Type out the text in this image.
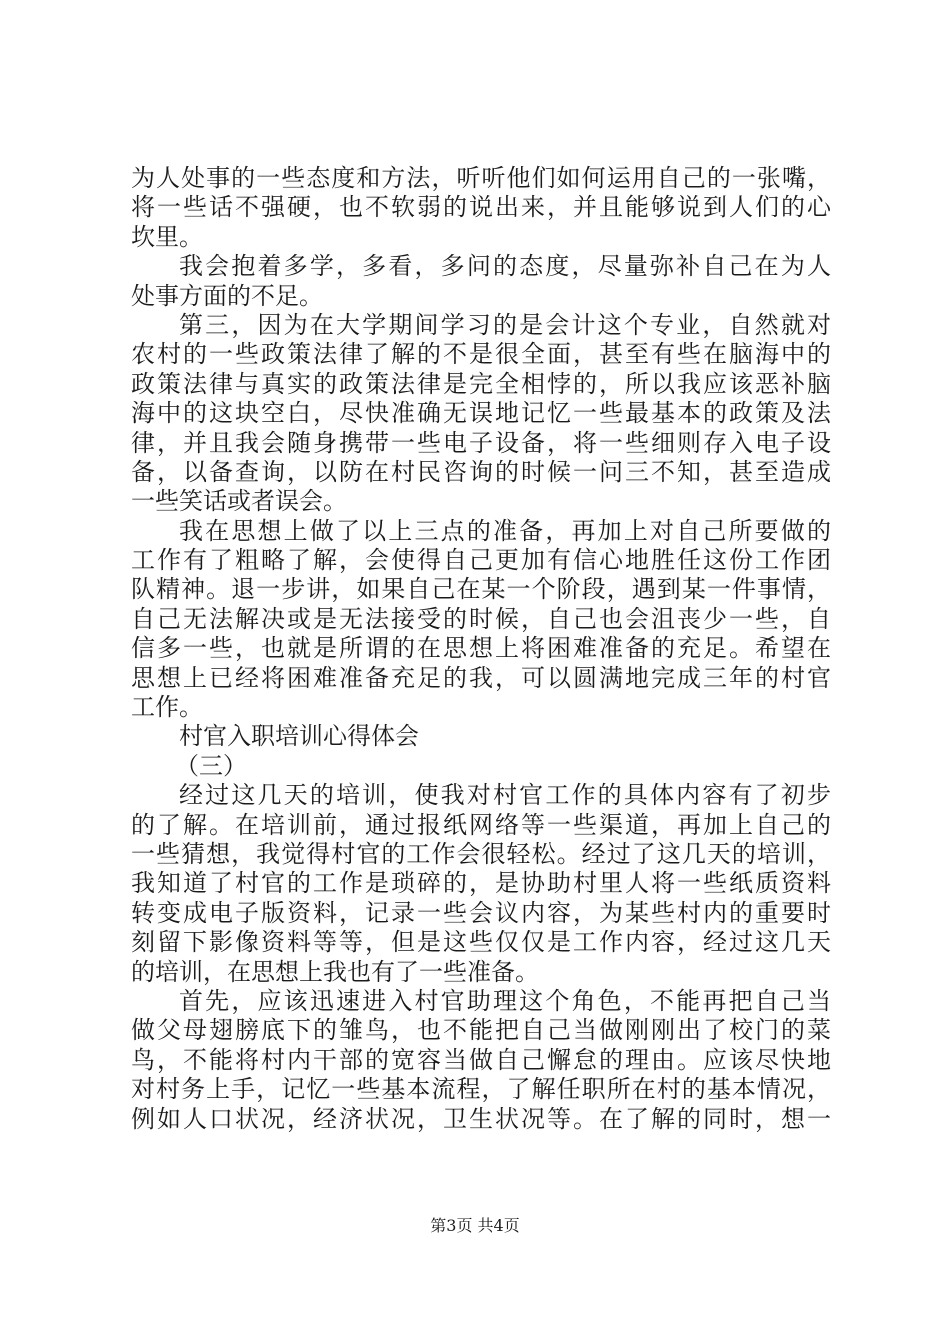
为人处事的一些态度和方法，听听他们如何运用自己的一张嘴，
将一些话不强硬，也不软弱的说出来，并且能够说到人们的心
坎里。
我会抱着多学，多看，多问的态度，尽量弥补自己在为人
处事方面的不足。
第三，因为在大学期间学习的是会计这个专业，自然就对
农村的一些政策法律了解的不是很全面，甚至有些在脑海中的
政策法律与真实的政策法律是完全相悖的，所以我应该恶补脑
海中的这块空白，尽快准确无误地记忆一些最基本的政策及法
律，并且我会随身携带一些电子设备，将一些细则存入电子设
备，以备查询，以防在村民咨询的时候一问三不知，甚至造成
一些笑话或者误会。
我在思想上做了以上三点的准备，再加上对自己所要做的
工作有了粗略了解，会使得自己更加有信心地胜任这份工作团
队精神。退一步讲，如果自己在某一个阶段，遇到某一件事情，
自己无法解决或是无法接受的时候，自己也会沮丧少一些，自
信多一些，也就是所谓的在思想上将困难准备的充足。希望在
思想上已经将困难准备充足的我，可以圆满地完成三年的村官
工作。
村官入职培训心得体会
（三）
经过这几天的培训，使我对村官工作的具体内容有了初步
的了解。在培训前，通过报纸网络等一些渠道，再加上自己的
一些猜想，我觉得村官的工作会很轻松。经过了这几天的培训，
我知道了村官的工作是琐碎的，是协助村里人将一些纸质资料
转变成电子版资料，记录一些会议内容，为某些村内的重要时
刻留下影像资料等等，但是这些仅仅是工作内容，经过这几天
的培训，在思想上我也有了一些准备。
首先，应该迅速进入村官助理这个角色，不能再把自己当
做父母翅膀底下的雏鸟，也不能把自己当做刚刚出了校门的菜
鸟，不能将村内干部的宽容当做自己懈怠的理由。应该尽快地
对村务上手，记忆一些基本流程，了解任职所在村的基本情况，
例如人口状况，经济状况，卫生状况等。在了解的同时，想一
第3页 共4页
